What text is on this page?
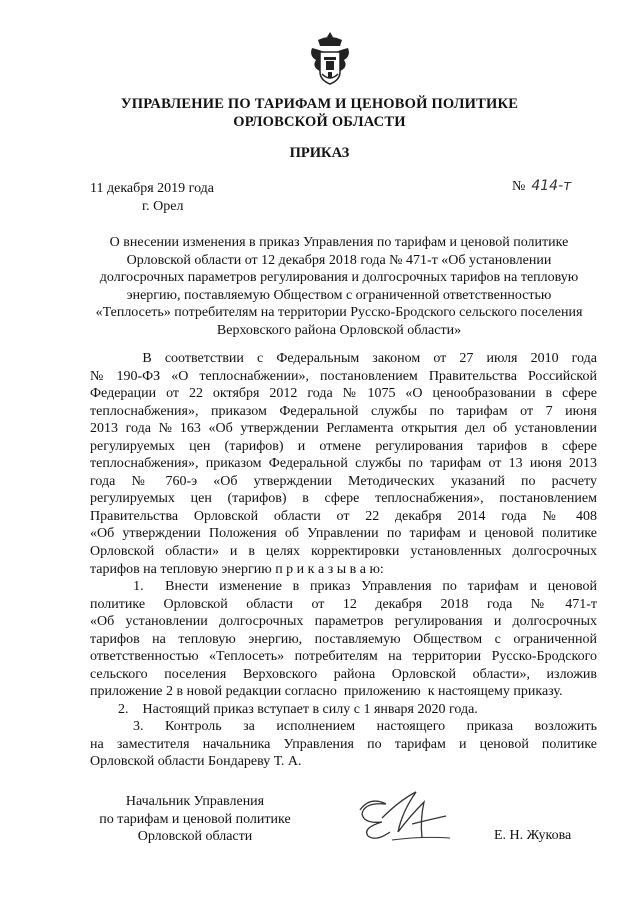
УПРАВЛЕНИЕ ПО ТАРИФАМ И ЦЕНОВОЙ ПОЛИТИКЕ
ОРЛОВСКОЙ ОБЛАСТИ
ПРИКАЗ
11 декабря 2019 года
г. Орел
№ 414-т
О внесении изменения в приказ Управления по тарифам и ценовой политике Орловской области от 12 декабря 2018 года № 471-т «Об установлении долгосрочных параметров регулирования и долгосрочных тарифов на тепловую энергию, поставляемую Обществом с ограниченной ответственностью «Теплосеть» потребителям на территории Русско-Бродского сельского поселения Верховского района Орловской области»
В  соответствии  с  Федеральным  законом  от  27  июля  2010  года
№  190-ФЗ  «О  теплоснабжении»,  постановлением  Правительства  Российской
Федерации  от  22  октября  2012  года  №  1075  «О  ценообразовании  в  сфере
теплоснабжения»,  приказом  Федеральной  службы  по  тарифам  от  7  июня
2013  года  №  163  «Об  утверждении  Регламента  открытия  дел  об  установлении
регулируемых  цен  (тарифов)  и  отмене  регулирования  тарифов  в  сфере
теплоснабжения»,  приказом  Федеральной  службы  по  тарифам  от  13  июня  2013
года  №  760-э  «Об  утверждении  Методических  указаний  по  расчету
регулируемых  цен  (тарифов)  в  сфере  теплоснабжения»,  постановлением
Правительства  Орловской  области  от  22  декабря  2014  года  №  408
«Об  утверждении  Положения  об  Управлении  по  тарифам  и  ценовой  политике
Орловской  области»  и  в  целях  корректировки  установленных  долгосрочных
тарифов на тепловую энергию п р и к а з ы в а ю:
1.    Внести  изменение  в  приказ  Управления  по  тарифам  и  ценовой
политике   Орловской   области   от   12   декабря   2018   года   №   471-т
«Об  установлении  долгосрочных  параметров  регулирования  и  долгосрочных
тарифов  на  тепловую  энергию,  поставляемую  Обществом  с  ограниченной
ответственностью  «Теплосеть»  потребителям  на  территории  Русско-Бродского
сельского  поселения  Верховского  района  Орловской  области»,  изложив
приложение 2 в новой редакции согласно  приложению  к настоящему приказу.
2.    Настоящий приказ вступает в силу с 1 января 2020 года.
3.    Контроль    за    исполнением    настоящего    приказа    возложить
на  заместителя  начальника  Управления  по  тарифам  и  ценовой  политике
Орловской области Бондареву Т. А.
Начальник Управления
по тарифам и ценовой политике
Орловской области	Е. Н. Жукова
